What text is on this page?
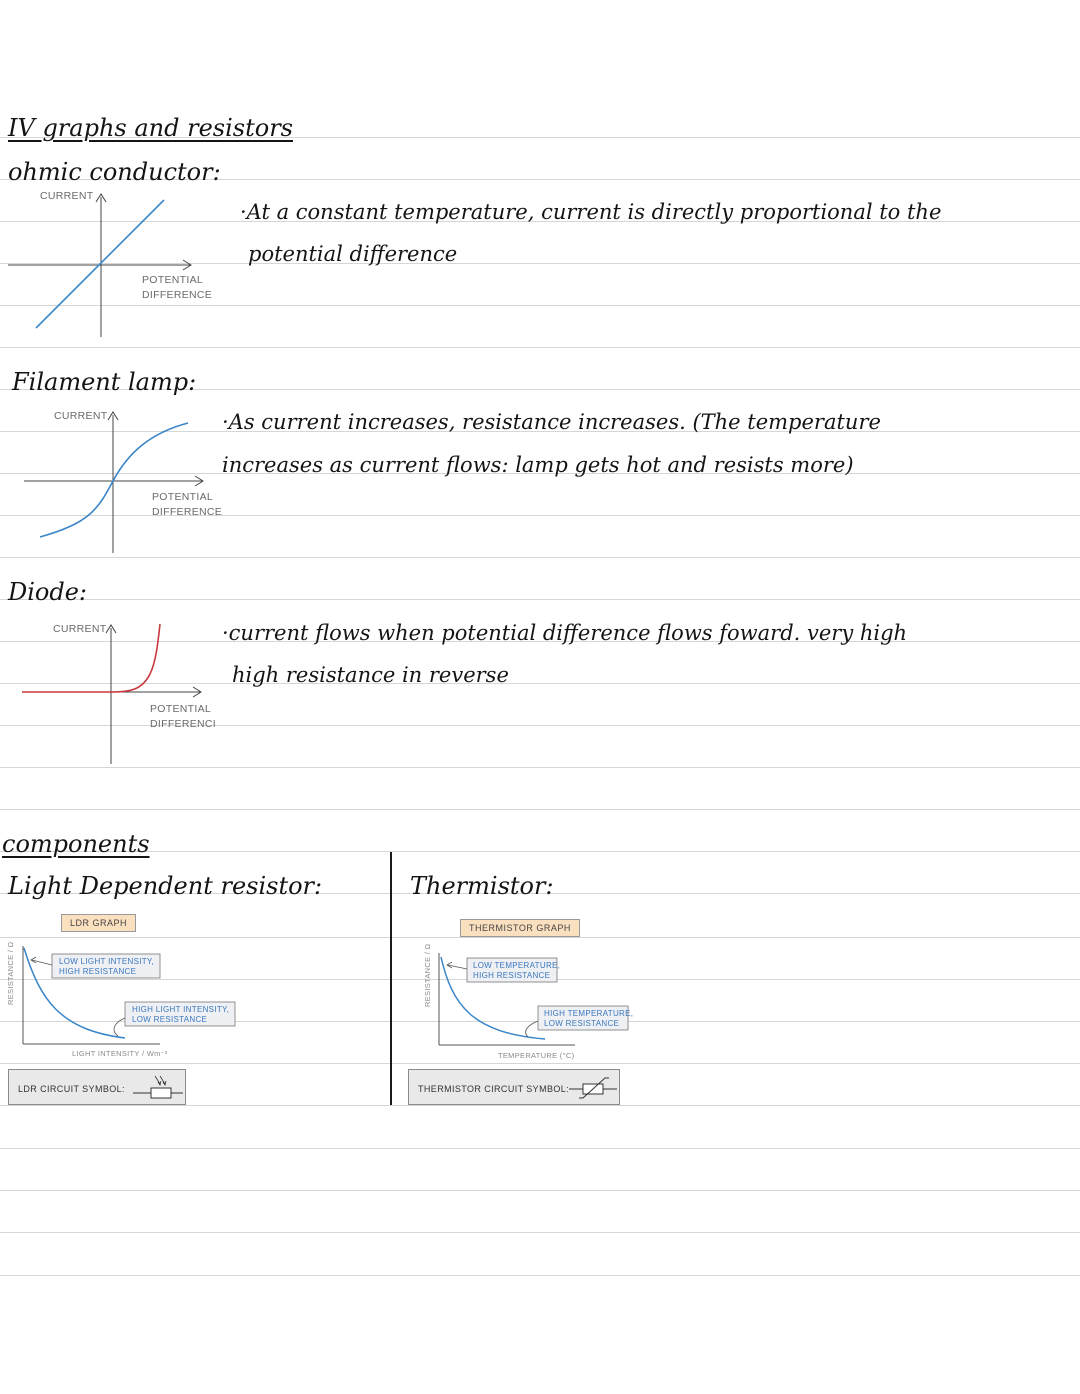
IV graphs and resistors
ohmic conductor:
CURRENT
POTENTIAL
DIFFERENCE
·At a constant temperature, current is directly proportional to the
potential difference
Filament lamp:
CURRENT
POTENTIAL
DIFFERENCE
·As current increases, resistance increases. (The temperature
increases as current flows: lamp gets hot and resists more)
Diode:
CURRENT
POTENTIAL
DIFFERENCI
·current flows when potential difference flows foward. very high
high resistance in reverse
components
Light Dependent resistor:
LDR GRAPH
RESISTANCE / Ω
LIGHT INTENSITY / Wm⁻²
LOW LIGHT INTENSITY,
HIGH RESISTANCE
HIGH LIGHT INTENSITY,
LOW RESISTANCE
LDR CIRCUIT SYMBOL:
Thermistor:
THERMISTOR GRAPH
RESISTANCE / Ω
TEMPERATURE (°C)
LOW TEMPERATURE,
HIGH RESISTANCE
HIGH TEMPERATURE,
LOW RESISTANCE
THERMISTOR CIRCUIT SYMBOL:
